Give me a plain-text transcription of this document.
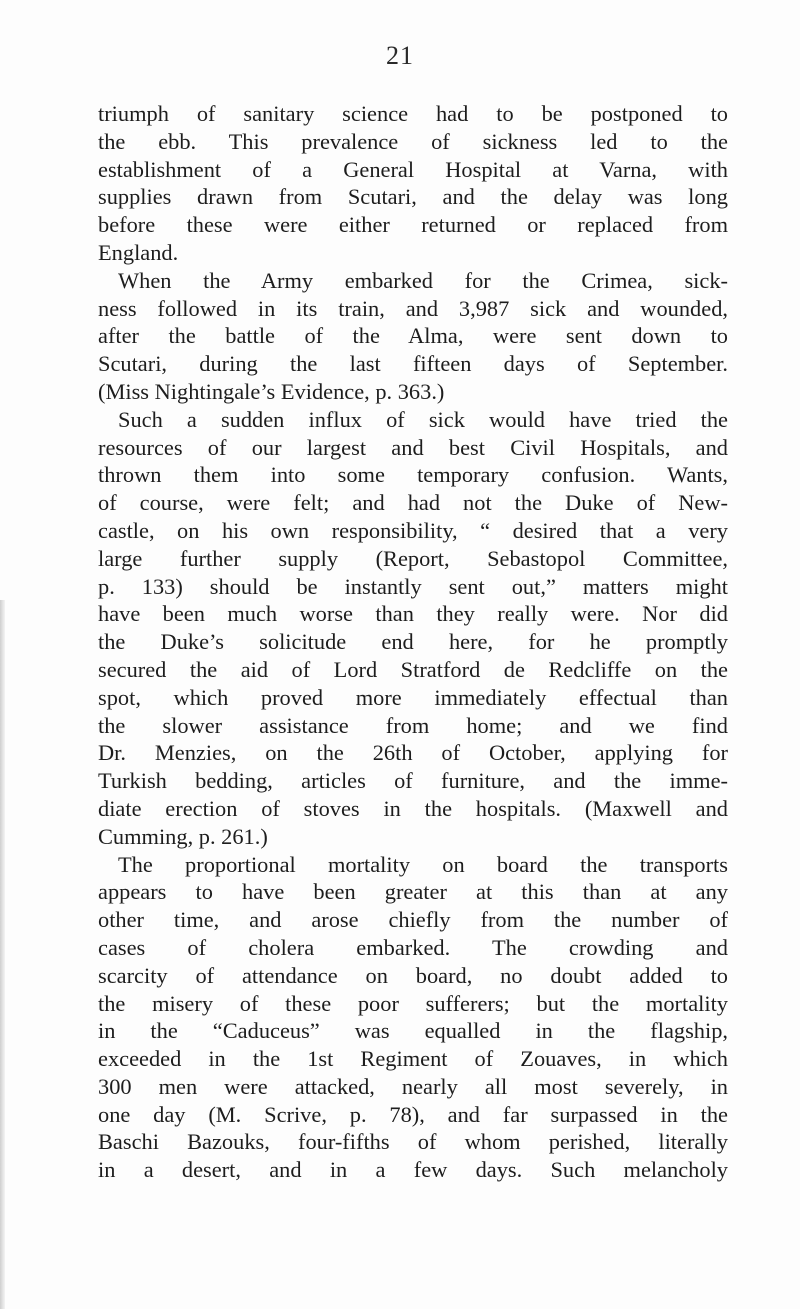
21
triumph of sanitary science had to be postponed to
the ebb. This prevalence of sickness led to the
establishment of a General Hospital at Varna, with
supplies drawn from Scutari, and the delay was long
before these were either returned or replaced from
England.
When the Army embarked for the Crimea, sick-
ness followed in its train, and 3,987 sick and wounded,
after the battle of the Alma, were sent down to
Scutari, during the last fifteen days of September.
(Miss Nightingale’s Evidence, p. 363.)
Such a sudden influx of sick would have tried the
resources of our largest and best Civil Hospitals, and
thrown them into some temporary confusion. Wants,
of course, were felt; and had not the Duke of New-
castle, on his own responsibility, “ desired that a very
large further supply (Report, Sebastopol Committee,
p. 133) should be instantly sent out,” matters might
have been much worse than they really were. Nor did
the Duke’s solicitude end here, for he promptly
secured the aid of Lord Stratford de Redcliffe on the
spot, which proved more immediately effectual than
the slower assistance from home; and we find
Dr. Menzies, on the 26th of October, applying for
Turkish bedding, articles of furniture, and the imme-
diate erection of stoves in the hospitals. (Maxwell and
Cumming, p. 261.)
The proportional mortality on board the transports
appears to have been greater at this than at any
other time, and arose chiefly from the number of
cases of cholera embarked. The crowding and
scarcity of attendance on board, no doubt added to
the misery of these poor sufferers; but the mortality
in the “Caduceus” was equalled in the flagship,
exceeded in the 1st Regiment of Zouaves, in which
300 men were attacked, nearly all most severely, in
one day (M. Scrive, p. 78), and far surpassed in the
Baschi Bazouks, four-fifths of whom perished, literally
in a desert, and in a few days. Such melancholy
